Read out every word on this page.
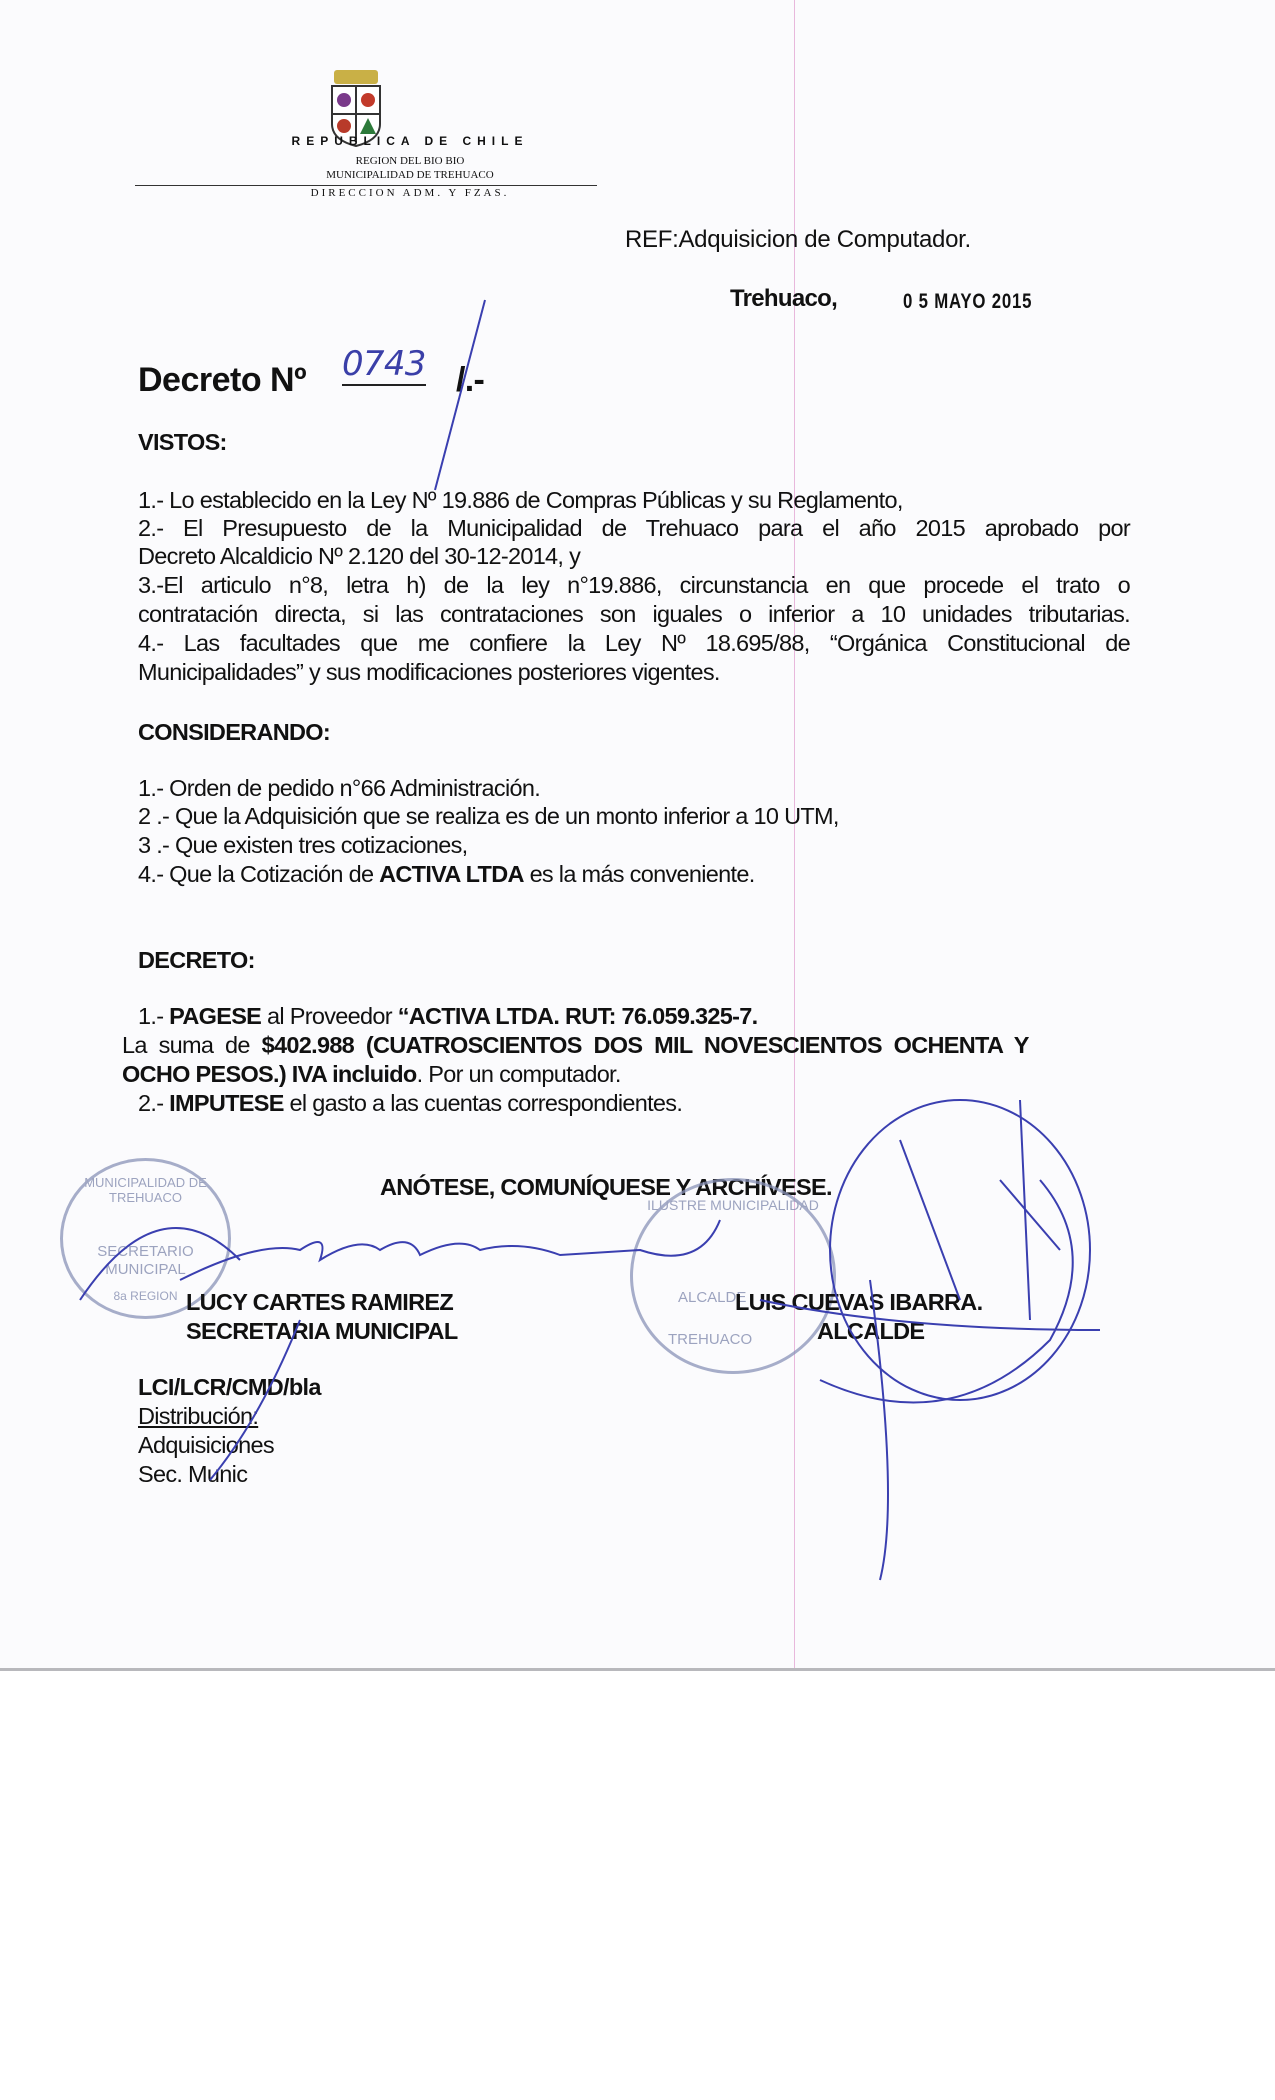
REPUBLICA DE CHILE
REGION DEL BIO BIO
MUNICIPALIDAD DE TREHUACO
DIRECCION ADM. Y FZAS.
REF:Adquisicion de Computador.
Trehuaco,	0 5 MAYO 2015
Decreto Nº 0743 /.-
VISTOS:
1.- Lo establecido en la Ley Nº 19.886 de Compras Públicas y su Reglamento,
2.- El Presupuesto de la Municipalidad de Trehuaco para el año 2015 aprobado por
Decreto Alcaldicio Nº 2.120 del 30-12-2014, y
3.-El articulo n°8, letra h) de la ley n°19.886, circunstancia en que procede el trato o
contratación directa, si las contrataciones son iguales o inferior a 10 unidades tributarias.
4.- Las facultades que me confiere la Ley Nº 18.695/88, “Orgánica Constitucional de
Municipalidades” y sus modificaciones posteriores vigentes.
CONSIDERANDO:
1.- Orden de pedido n°66 Administración.
2 .- Que la Adquisición que se realiza es de un monto inferior a 10 UTM,
3 .- Que existen tres cotizaciones,
4.- Que la Cotización de ACTIVA LTDA es la más conveniente.
DECRETO:
1.- PAGESE al Proveedor “ACTIVA LTDA. RUT: 76.059.325-7.
La suma de $402.988 (CUATROSCIENTOS DOS MIL NOVESCIENTOS OCHENTA Y
OCHO PESOS.) IVA incluido. Por un computador.
2.- IMPUTESE el gasto a las cuentas correspondientes.
ANÓTESE, COMUNÍQUESE Y ARCHÍVESE.
MUNICIPALIDAD DE TREHUACO
SECRETARIO
MUNICIPAL
8a REGION
ILUSTRE MUNICIPALIDAD
ALCALDE
TREHUACO
LUCY CARTES RAMIREZ
SECRETARIA MUNICIPAL
LUIS CUEVAS IBARRA.
ALCALDE
LCI/LCR/CMD/bla
Distribución:
Adquisiciones
Sec. Munic
